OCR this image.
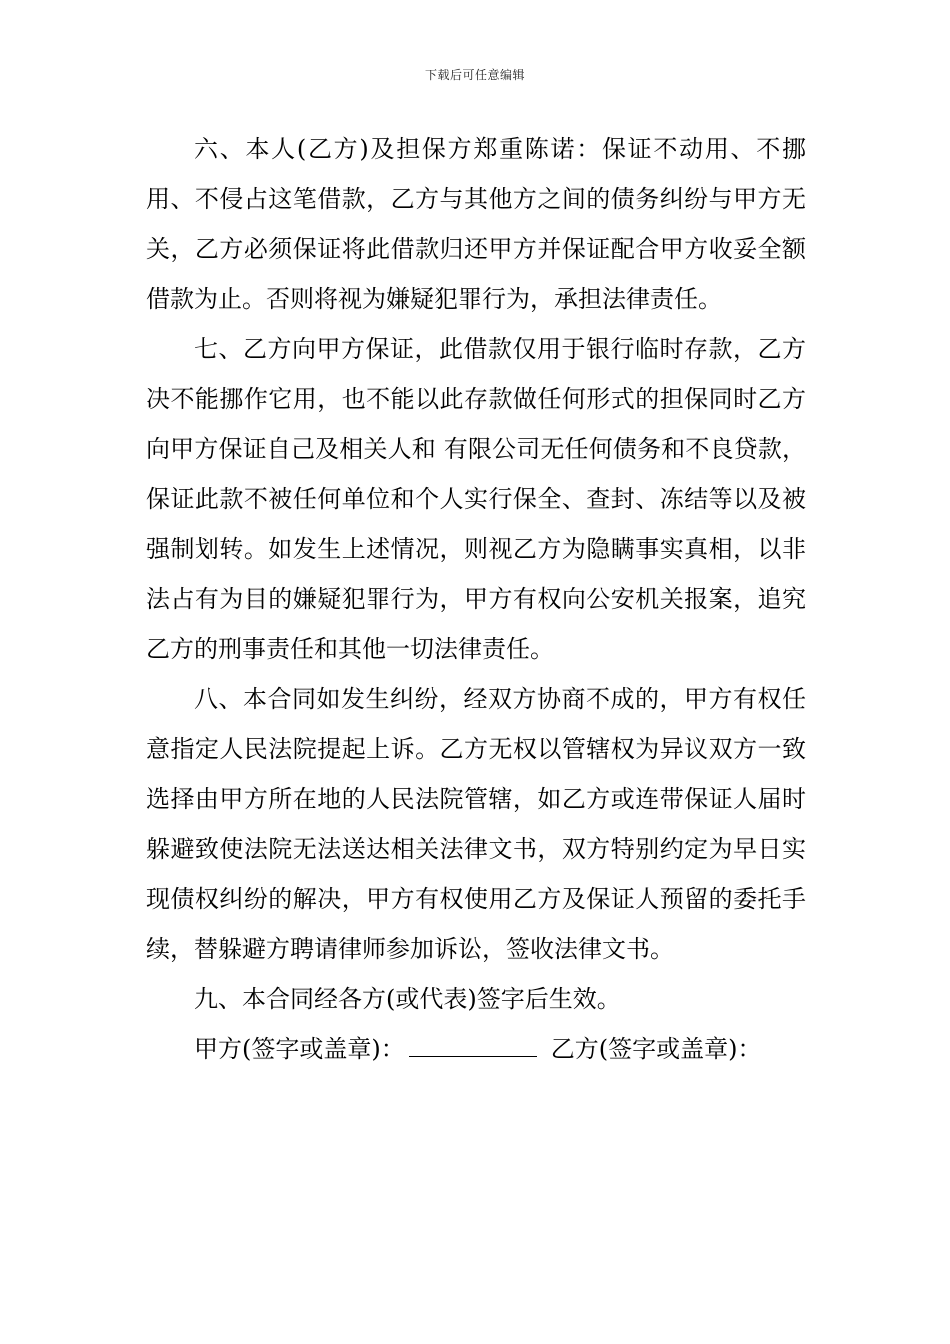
下载后可任意编辑

六、本人(乙方)及担保方郑重陈诺：保证不动用、不挪用、不侵占这笔借款，乙方与其他方之间的债务纠纷与甲方无关，乙方必须保证将此借款归还甲方并保证配合甲方收妥全额借款为止。否则将视为嫌疑犯罪行为，承担法律责任。

七、乙方向甲方保证，此借款仅用于银行临时存款，乙方决不能挪作它用，也不能以此存款做任何形式的担保同时乙方向甲方保证自己及相关人和 有限公司无任何债务和不良贷款，保证此款不被任何单位和个人实行保全、查封、冻结等以及被强制划转。如发生上述情况，则视乙方为隐瞒事实真相，以非法占有为目的嫌疑犯罪行为，甲方有权向公安机关报案，追究乙方的刑事责任和其他一切法律责任。

八、本合同如发生纠纷，经双方协商不成的，甲方有权任意指定人民法院提起上诉。乙方无权以管辖权为异议双方一致选择由甲方所在地的人民法院管辖，如乙方或连带保证人届时躲避致使法院无法送达相关法律文书，双方特别约定为早日实现债权纠纷的解决，甲方有权使用乙方及保证人预留的委托手续，替躲避方聘请律师参加诉讼，签收法律文书。

九、本合同经各方(或代表)签字后生效。

甲方(签字或盖章)：	乙方(签字或盖章)：
